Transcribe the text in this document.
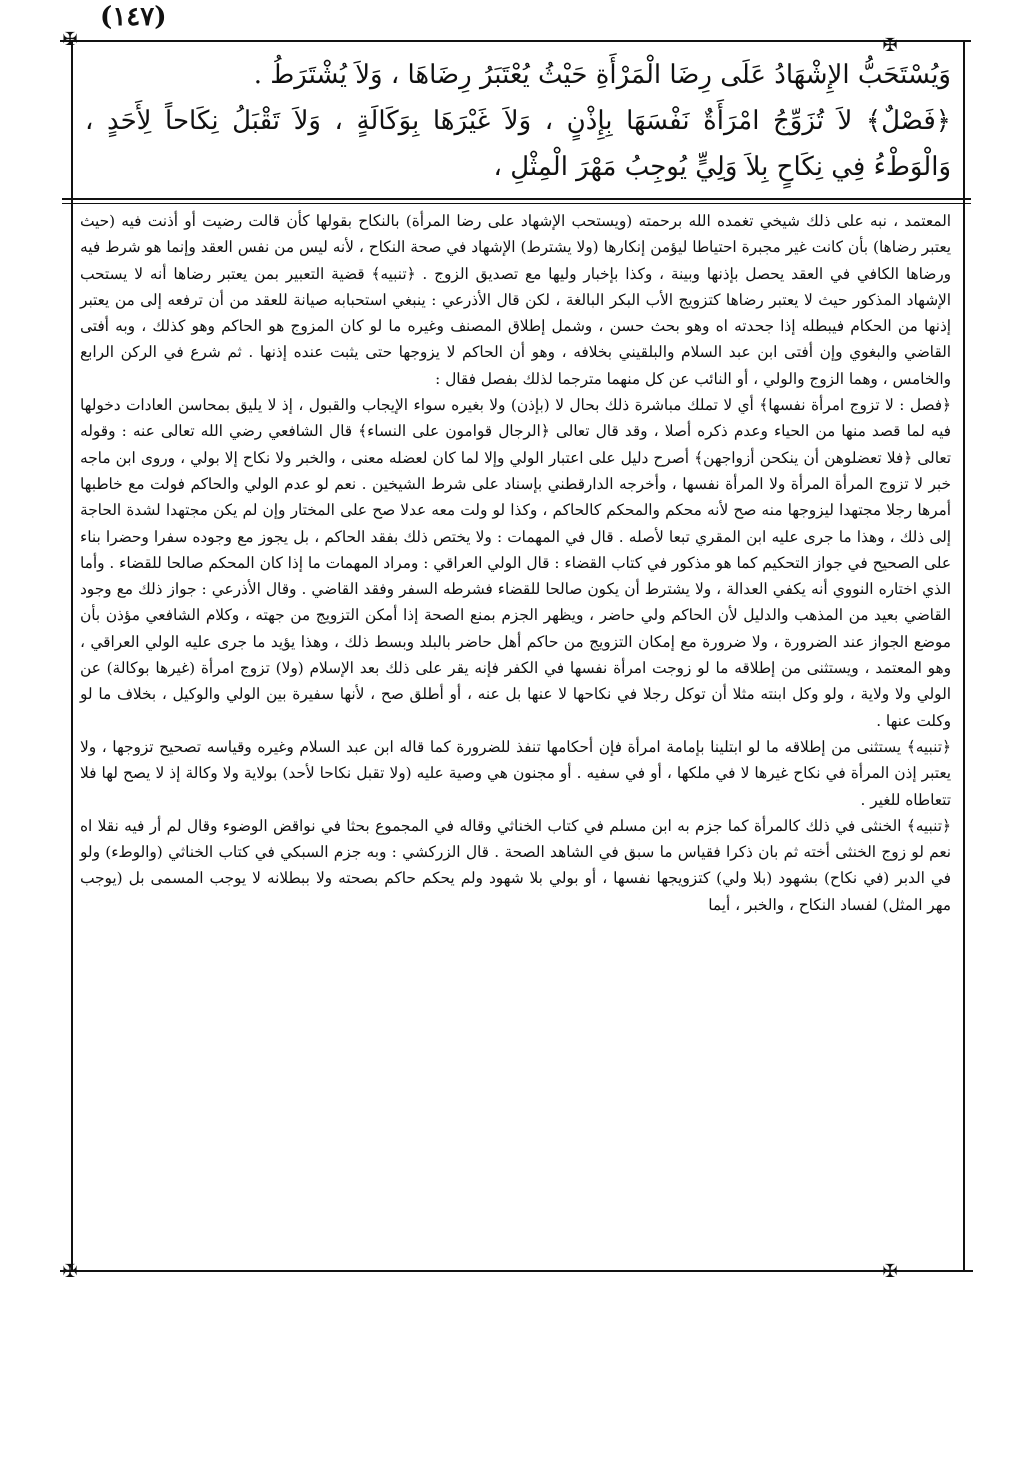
(١٤٧)
✠	✠
✠	✠

وَيُسْتَحَبُّ الإِشْهَادُ عَلَى رِضَا الْمَرْأَةِ حَيْثُ يُعْتَبَرُ رِضَاهَا ، وَلاَ يُشْتَرَطُ .

﴿فَصْلٌ﴾ لاَ تُزَوِّجُ امْرَأَةٌ نَفْسَهَا بِإِذْنٍ ، وَلاَ غَيْرَهَا بِوَكَالَةٍ ، وَلاَ تَقْبَلُ نِكَاحاً لِأَحَدٍ ، وَالْوَطْءُ فِي نِكَاحٍ بِلاَ وَلِيٍّ يُوجِبُ مَهْرَ الْمِثْلِ ،

المعتمد ، نبه على ذلك شيخي تغمده الله برحمته (ويستحب الإشهاد على رضا المرأة) بالنكاح بقولها كأن قالت رضيت أو أذنت فيه (حيث يعتبر رضاها) بأن كانت غير مجبرة احتياطا ليؤمن إنكارها (ولا يشترط) الإشهاد في صحة النكاح ، لأنه ليس من نفس العقد وإنما هو شرط فيه ورضاها الكافي في العقد يحصل بإذنها وبينة ، وكذا بإخبار وليها مع تصديق الزوج . ﴿تنبيه﴾ قضية التعبير بمن يعتبر رضاها أنه لا يستحب الإشهاد المذكور حيث لا يعتبر رضاها كتزويج الأب البكر البالغة ، لكن قال الأذرعي : ينبغي استحبابه صيانة للعقد من أن ترفعه إلى من يعتبر إذنها من الحكام فيبطله إذا جحدته اه وهو بحث حسن ، وشمل إطلاق المصنف وغيره ما لو كان المزوج هو الحاكم وهو كذلك ، وبه أفتى القاضي والبغوي وإن أفتى ابن عبد السلام والبلقيني بخلافه ، وهو أن الحاكم لا يزوجها حتى يثبت عنده إذنها . ثم شرع في الركن الرابع والخامس ، وهما الزوج والولي ، أو النائب عن كل منهما مترجما لذلك بفصل فقال :

﴿فصل : لا تزوج امرأة نفسها﴾ أي لا تملك مباشرة ذلك بحال لا (بإذن) ولا بغيره سواء الإيجاب والقبول ، إذ لا يليق بمحاسن العادات دخولها فيه لما قصد منها من الحياء وعدم ذكره أصلا ، وقد قال تعالى ﴿الرجال قوامون على النساء﴾ قال الشافعي رضي الله تعالى عنه : وقوله تعالى ﴿فلا تعضلوهن أن ينكحن أزواجهن﴾ أصرح دليل على اعتبار الولي وإلا لما كان لعضله معنى ، والخبر ولا نكاح إلا بولي ، وروى ابن ماجه خبر لا تزوج المرأة المرأة ولا المرأة نفسها ، وأخرجه الدارقطني بإسناد على شرط الشيخين . نعم لو عدم الولي والحاكم فولت مع خاطبها أمرها رجلا مجتهدا ليزوجها منه صح لأنه محكم والمحكم كالحاكم ، وكذا لو ولت معه عدلا صح على المختار وإن لم يكن مجتهدا لشدة الحاجة إلى ذلك ، وهذا ما جرى عليه ابن المقري تبعا لأصله . قال في المهمات : ولا يختص ذلك بفقد الحاكم ، بل يجوز مع وجوده سفرا وحضرا بناء على الصحيح في جواز التحكيم كما هو مذكور في كتاب القضاء : قال الولي العراقي : ومراد المهمات ما إذا كان المحكم صالحا للقضاء . وأما الذي اختاره النووي أنه يكفي العدالة ، ولا يشترط أن يكون صالحا للقضاء فشرطه السفر وفقد القاضي . وقال الأذرعي : جواز ذلك مع وجود القاضي بعيد من المذهب والدليل لأن الحاكم ولي حاضر ، ويظهر الجزم بمنع الصحة إذا أمكن التزويج من جهته ، وكلام الشافعي مؤذن بأن موضع الجواز عند الضرورة ، ولا ضرورة مع إمكان التزويج من حاكم أهل حاضر بالبلد وبسط ذلك ، وهذا يؤيد ما جرى عليه الولي العراقي ، وهو المعتمد ، ويستثنى من إطلاقه ما لو زوجت امرأة نفسها في الكفر فإنه يقر على ذلك بعد الإسلام (ولا) تزوج امرأة (غيرها بوكالة) عن الولي ولا ولاية ، ولو وكل ابنته مثلا أن توكل رجلا في نكاحها لا عنها بل عنه ، أو أطلق صح ، لأنها سفيرة بين الولي والوكيل ، بخلاف ما لو وكلت عنها .

﴿تنبيه﴾ يستثنى من إطلاقه ما لو ابتلينا بإمامة امرأة فإن أحكامها تنفذ للضرورة كما قاله ابن عبد السلام وغيره وقياسه تصحيح تزوجها ، ولا يعتبر إذن المرأة في نكاح غيرها لا في ملكها ، أو في سفيه . أو مجنون هي وصية عليه (ولا تقبل نكاحا لأحد) بولاية ولا وكالة إذ لا يصح لها فلا تتعاطاه للغير .

﴿تنبيه﴾ الخنثى في ذلك كالمرأة كما جزم به ابن مسلم في كتاب الخناثي وقاله في المجموع بحثا في نواقض الوضوء وقال لم أر فيه نقلا اه نعم لو زوج الخنثى أخته ثم بان ذكرا فقياس ما سبق في الشاهد الصحة . قال الزركشي : وبه جزم السبكي في كتاب الخناثي (والوطء) ولو في الدبر (في نكاح) بشهود (بلا ولي) كتزويجها نفسها ، أو بولي بلا شهود ولم يحكم حاكم بصحته ولا ببطلانه لا يوجب المسمى بل (يوجب مهر المثل) لفساد النكاح ، والخبر ، أيما
